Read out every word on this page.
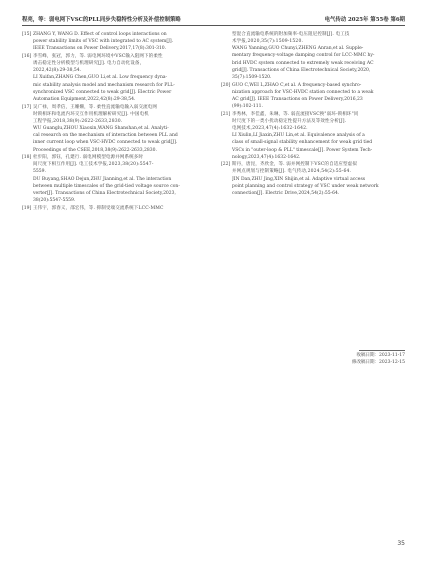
程亮，等：弱电网下VSC的PLL同步失稳特性分析及补偿控制策略	电气传动 2025年 第55卷 第6期
[15] ZHANG Y, WANG D. Effect of control loops interactions on
power stability limits of VSC with integrated to AC system[J].
IEEE Transactions on Power Delivery,2017,17(8):301-310.
[16] 李雪峰，张冠，郭力，等. 弱电网环境中VSC输入阻网下的柔性
诱击稳定性分析模型与机理研究[J]. 电力自动化设备，
2022,42(8):29-38,54.
LI Xuifan,ZHANG Chen,GUO Li,et al. Low frequency dyna-
mic stability analysis model and mechanism research for PLL-
synchronized VSC connected to weak grid[J]. Electric Power
Automation Equipment,2022,42(8):29-38,54.
[17] 吴广禄，周孝信，王姗姗，等. 柔性直流输电输入弱交流电网
时锁相环和电流内环交互作用机理解析研究[J]. 中国电机
工程学报,2018,38(9):2622-2633,2830.
WU Guanglu,ZHOU Xiaoxin,WANG Shanshan,et al. Analyti-
cal research on the mechanism of interaction between PLL and
inner current loop when VSC-HVDC connected to weak grid[J].
Proceedings of the CSEE,2018,38(9):2622-2633,2830.
[18] 杜步阳，郭钰，孔建行. 弱电网模型电源并网系统多时
间尺度下相互作用[J]. 电工技术学报,2023,38(20):5547-
5559.
DU Buyang,SHAO Dejun,ZHU Jianning,et al. The interaction
between multiple timescales of the grid-tied voltage source con-
verter[J]. Transactions of China Electrotechnical Society,2023,
38(20):5547-5559.
[19] 王伟宇，郭春义，邵宏伟，等. 抑制受端交流系统下LCC-MMC
型混合直流输电系统的附加频率-电压阻尼控制[J]. 电工技
术学报,2020,35(7):1509-1520.
WANG Yanning,GUO Chunyi,ZHENG Anran,et al. Supple-
mentary frequency-voltage damping control for LCC-MMC hy-
brid HVDC system connected to extremely weak receiving AC
grid[J]. Transactions of China Electrotechnical Society,2020,
35(7):1509-1520.
[20] GUO C,WEI L,ZHAO C,et al. A frequency-based synchro-
nization approach for VSC-HVDC station connected to a weak
AC grid[J]. IEEE Transactions on Power Delivery,2016,23
(99):102-111.
[21] 李秀林，李佳鑫，朱琳，等. 弱直流接VSC换"弱环-锁相环"同
时尺度下的一类小扰动稳定性提升方法及等效性分析[J].
电网技术,2023,47(4):1632-1642.
LI Xiulin,LI Jiaxin,ZHU Lin,et al. Equivalence analysis of a
class of small-signal stability enhancement for weak grid tied
VSCs in "outer-loop & PLL" timescale[J]. Power System Tech-
nology,2023,47(4):1632-1642.
[22] 斯丹，唐昆，齐欣金，等. 弱并网控制下VSC的自适应型虚拟
并网点规划与控制策略[J]. 电气传动,2024,54(2):55-64.
JIN Dan,ZHU Jing,XIN Shijin,et al. Adaptive virtual access
point planning and control strategy of VSC under weak network
connection[J]. Electric Drive,2024,54(2):55-64.
收稿日期：2023-11-17
修改稿日期：2023-12-15
35
